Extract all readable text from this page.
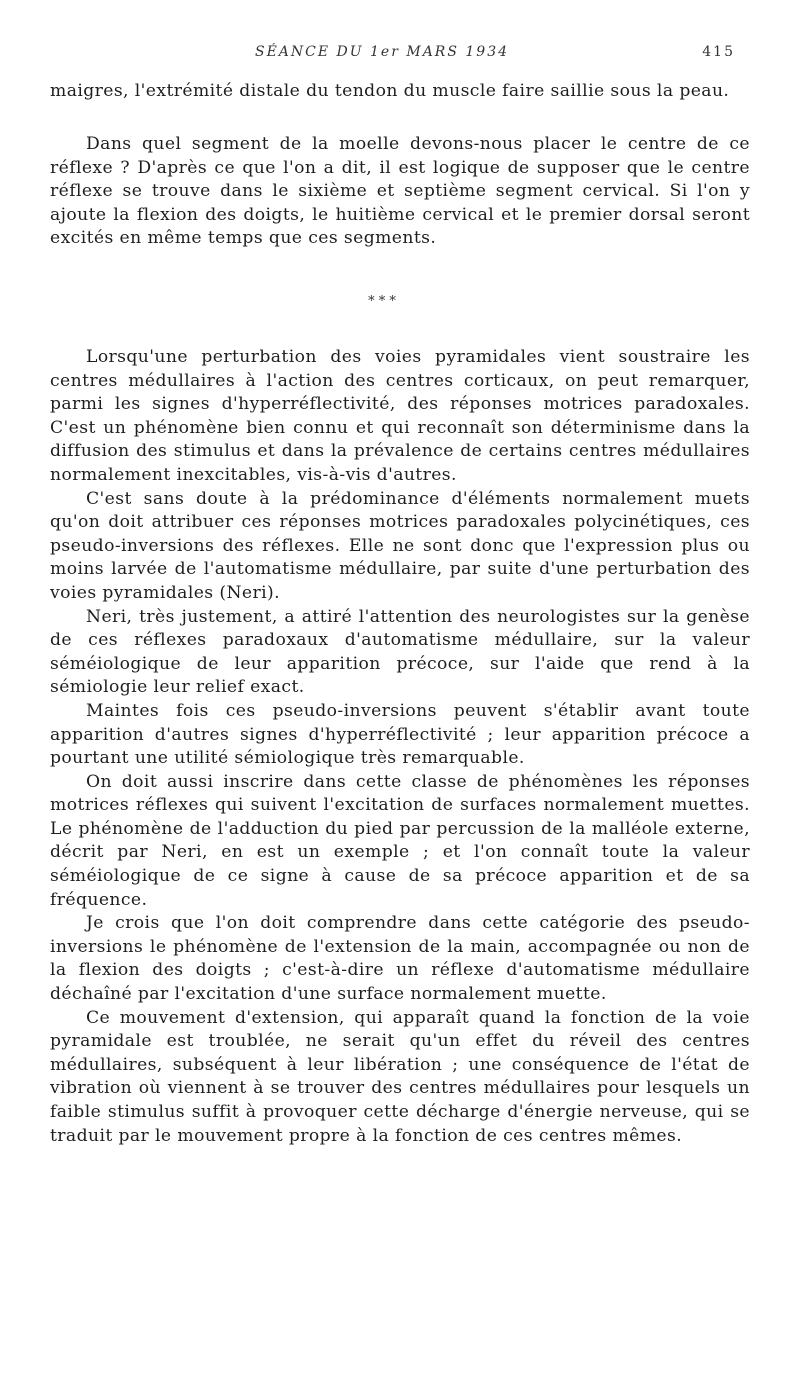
SÉANCE DU 1er MARS 1934	415

maigres, l'extrémité distale du tendon du muscle faire saillie sous la peau.

Dans quel segment de la moelle devons-nous placer le centre de ce réflexe ? D'après ce que l'on a dit, il est logique de supposer que le centre réflexe se trouve dans le sixième et septième segment cervical. Si l'on y ajoute la flexion des doigts, le huitième cervical et le premier dorsal seront excités en même temps que ces segments.

* * *

Lorsqu'une perturbation des voies pyramidales vient soustraire les centres médullaires à l'action des centres corticaux, on peut remarquer, parmi les signes d'hyperréflectivité, des réponses motrices paradoxales. C'est un phénomène bien connu et qui reconnaît son déterminisme dans la diffusion des stimulus et dans la prévalence de certains centres médullaires normalement inexcitables, vis-à-vis d'autres.

C'est sans doute à la prédominance d'éléments normalement muets qu'on doit attribuer ces réponses motrices paradoxales polycinétiques, ces pseudo-inversions des réflexes. Elle ne sont donc que l'expression plus ou moins larvée de l'automatisme médullaire, par suite d'une perturbation des voies pyramidales (Neri).

Neri, très justement, a attiré l'attention des neurologistes sur la genèse de ces réflexes paradoxaux d'automatisme médullaire, sur la valeur séméiologique de leur apparition précoce, sur l'aide que rend à la sémiologie leur relief exact.

Maintes fois ces pseudo-inversions peuvent s'établir avant toute apparition d'autres signes d'hyperréflectivité ; leur apparition précoce a pourtant une utilité sémiologique très remarquable.

On doit aussi inscrire dans cette classe de phénomènes les réponses motrices réflexes qui suivent l'excitation de surfaces normalement muettes. Le phénomène de l'adduction du pied par percussion de la malléole externe, décrit par Neri, en est un exemple ; et l'on connaît toute la valeur séméiologique de ce signe à cause de sa précoce apparition et de sa fréquence.

Je crois que l'on doit comprendre dans cette catégorie des pseudo-inversions le phénomène de l'extension de la main, accompagnée ou non de la flexion des doigts ; c'est-à-dire un réflexe d'automatisme médullaire déchaîné par l'excitation d'une surface normalement muette.

Ce mouvement d'extension, qui apparaît quand la fonction de la voie pyramidale est troublée, ne serait qu'un effet du réveil des centres médullaires, subséquent à leur libération ; une conséquence de l'état de vibration où viennent à se trouver des centres médullaires pour lesquels un faible stimulus suffit à provoquer cette décharge d'énergie nerveuse, qui se traduit par le mouvement propre à la fonction de ces centres mêmes.
